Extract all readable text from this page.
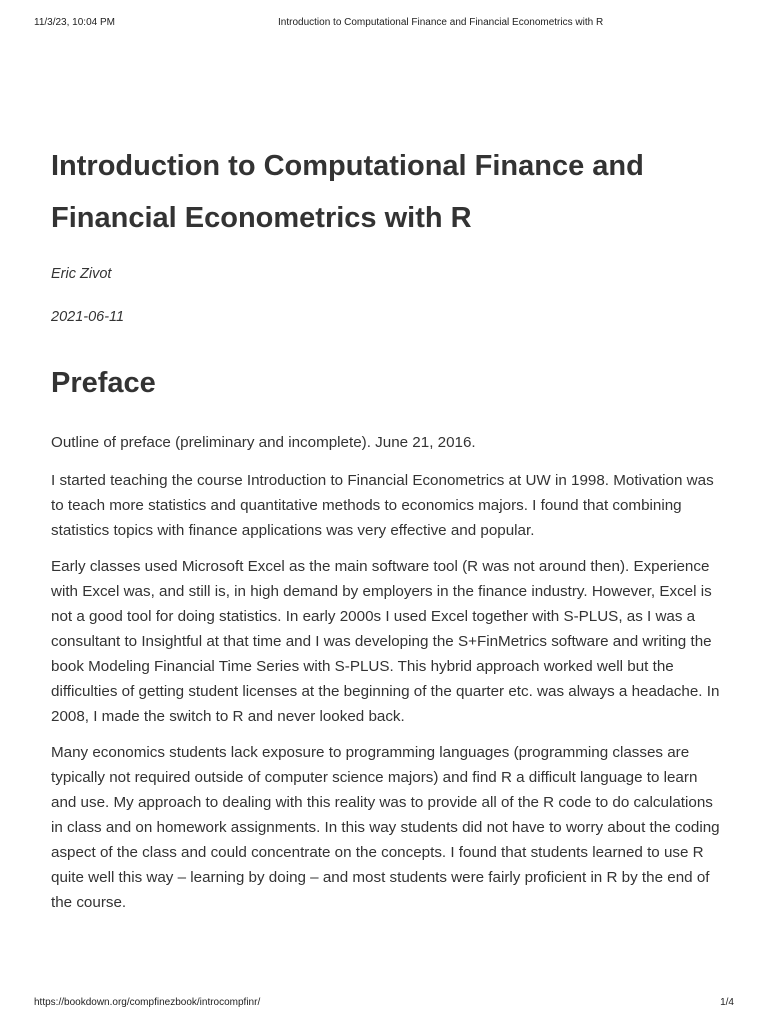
11/3/23, 10:04 PM	Introduction to Computational Finance and Financial Econometrics with R
Introduction to Computational Finance and
Financial Econometrics with R
Eric Zivot
2021-06-11
Preface

Outline of preface (preliminary and incomplete). June 21, 2016.

I started teaching the course Introduction to Financial Econometrics at UW in 1998. Motivation was to teach more statistics and quantitative methods to economics majors. I found that combining statistics topics with finance applications was very effective and popular.

Early classes used Microsoft Excel as the main software tool (R was not around then). Experience with Excel was, and still is, in high demand by employers in the finance industry. However, Excel is not a good tool for doing statistics. In early 2000s I used Excel together with S-PLUS, as I was a consultant to Insightful at that time and I was developing the S+FinMetrics software and writing the book Modeling Financial Time Series with S-PLUS. This hybrid approach worked well but the difficulties of getting student licenses at the beginning of the quarter etc. was always a headache. In 2008, I made the switch to R and never looked back.

Many economics students lack exposure to programming languages (programming classes are typically not required outside of computer science majors) and find R a difficult language to learn and use. My approach to dealing with this reality was to provide all of the R code to do calculations in class and on homework assignments. In this way students did not have to worry about the coding aspect of the class and could concentrate on the concepts. I found that students learned to use R quite well this way – learning by doing – and most students were fairly proficient in R by the end of the course.

https://bookdown.org/compfinezbook/introcompfinr/	1/4
